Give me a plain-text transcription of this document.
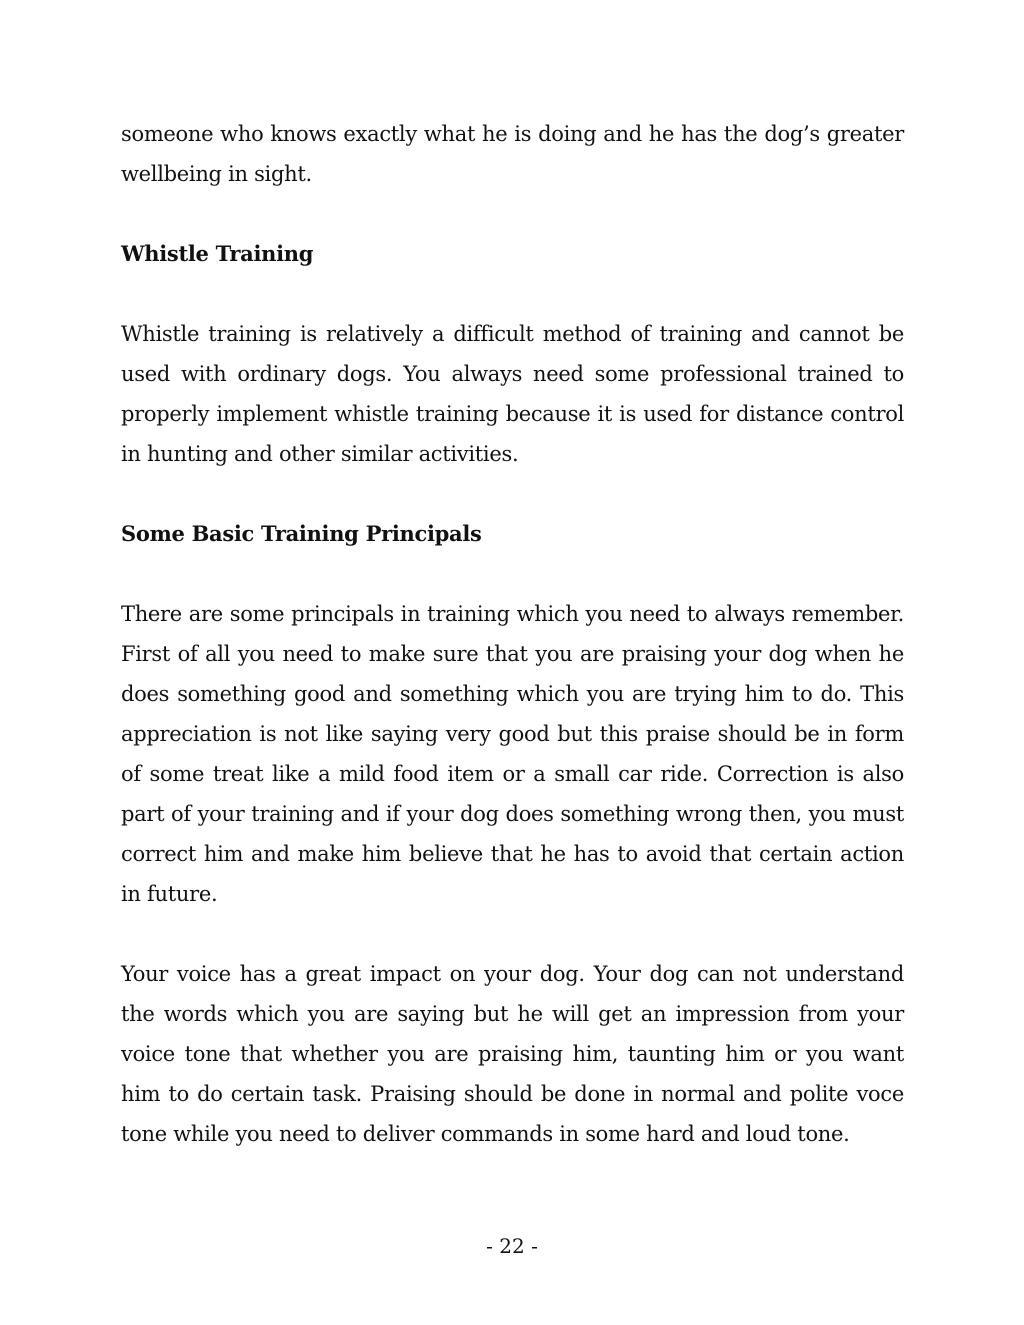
someone who knows exactly what he is doing and he has the dog’s greater wellbeing in sight.

Whistle Training

Whistle training is relatively a difficult method of training and cannot be used with ordinary dogs. You always need some professional trained to properly implement whistle training because it is used for distance control in hunting and other similar activities.

Some Basic Training Principals

There are some principals in training which you need to always remember. First of all you need to make sure that you are praising your dog when he does something good and something which you are trying him to do. This appreciation is not like saying very good but this praise should be in form of some treat like a mild food item or a small car ride. Correction is also part of your training and if your dog does something wrong then, you must correct him and make him believe that he has to avoid that certain action in future.

Your voice has a great impact on your dog. Your dog can not understand the words which you are saying but he will get an impression from your voice tone that whether you are praising him, taunting him or you want him to do certain task. Praising should be done in normal and polite voce tone while you need to deliver commands in some hard and loud tone.

- 22 -
